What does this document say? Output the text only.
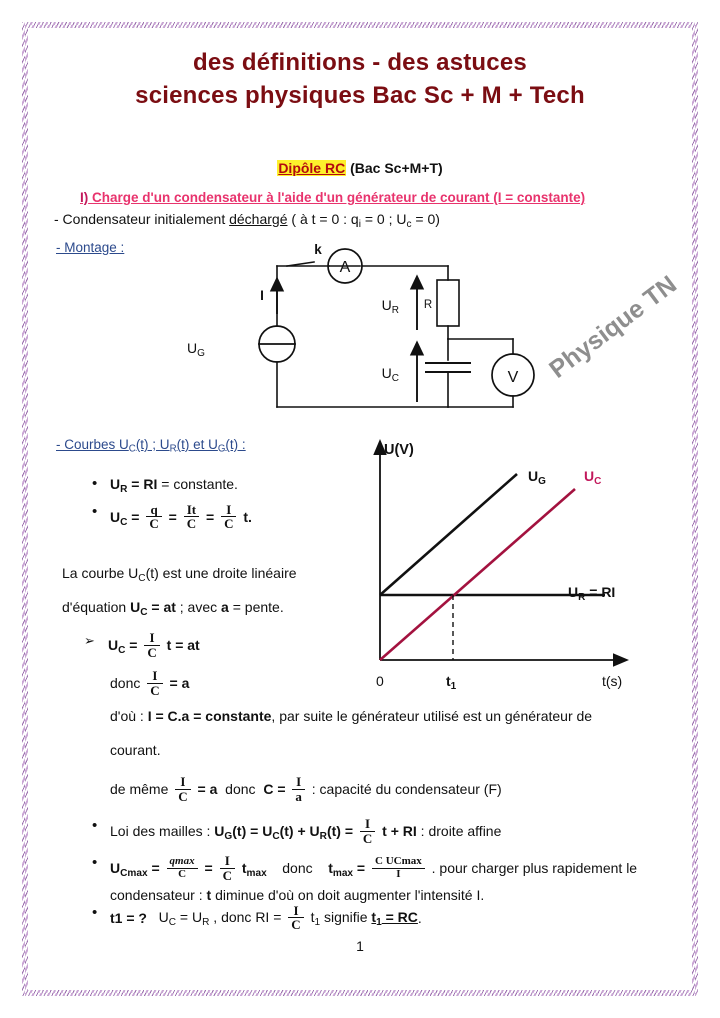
des définitions - des astuces
sciences physiques Bac Sc + M + Tech
Dipôle RC (Bac Sc+M+T)
I) Charge d'un condensateur à l'aide d'un générateur de courant (I = constante)
- Condensateur initialement déchargé ( à t = 0 : $q_i = 0$ ; $U_c = 0$)
- Montage :
Physique TN
k
I
A
V
R
$U_R$
$U_C$
$U_G$
- Courbes $U_C(t)$ ; $U_R(t)$ et $U_G(t)$ :	U(V)
$U_G$
$U_R$ = RI
0	$t_1$	t(s)
$U_C$
• $U_R$ = RI = constante.
• $U_C = \frac{q}{C} = \frac{It}{C} = \frac{I}{C} t$.
La courbe $U_C(t)$ est une droite linéaire
d'équation $U_C$ = at ; avec a = pente.
➢ $U_C = \frac{I}{C}$ t = at
donc $\frac{I}{C} = a$
d'où : I = C.a = constante, par suite le générateur utilisé est un générateur de
courant.
de même $\frac{I}{C} = a$  donc  $C = \frac{I}{a}$ : capacité du condensateur (F)
• Loi des mailles : $U_G(t) = U_C(t) + U_R(t) = \frac{I}{C}$ t + RI : droite affine
• $U_{Cmax} = \frac{qmax}{C} = \frac{I}{C} t_{max}$ donc $t_{max} = \frac{\text{C UCmax}}{I}$ . pour charger plus rapidement le
condensateur : t diminue d'où on doit augmenter l'intensité I.
• t1 = ? $U_C = U_R$ , donc RI = $\frac{I}{C} t_1$ signifie $t_1$ = RC.
1
